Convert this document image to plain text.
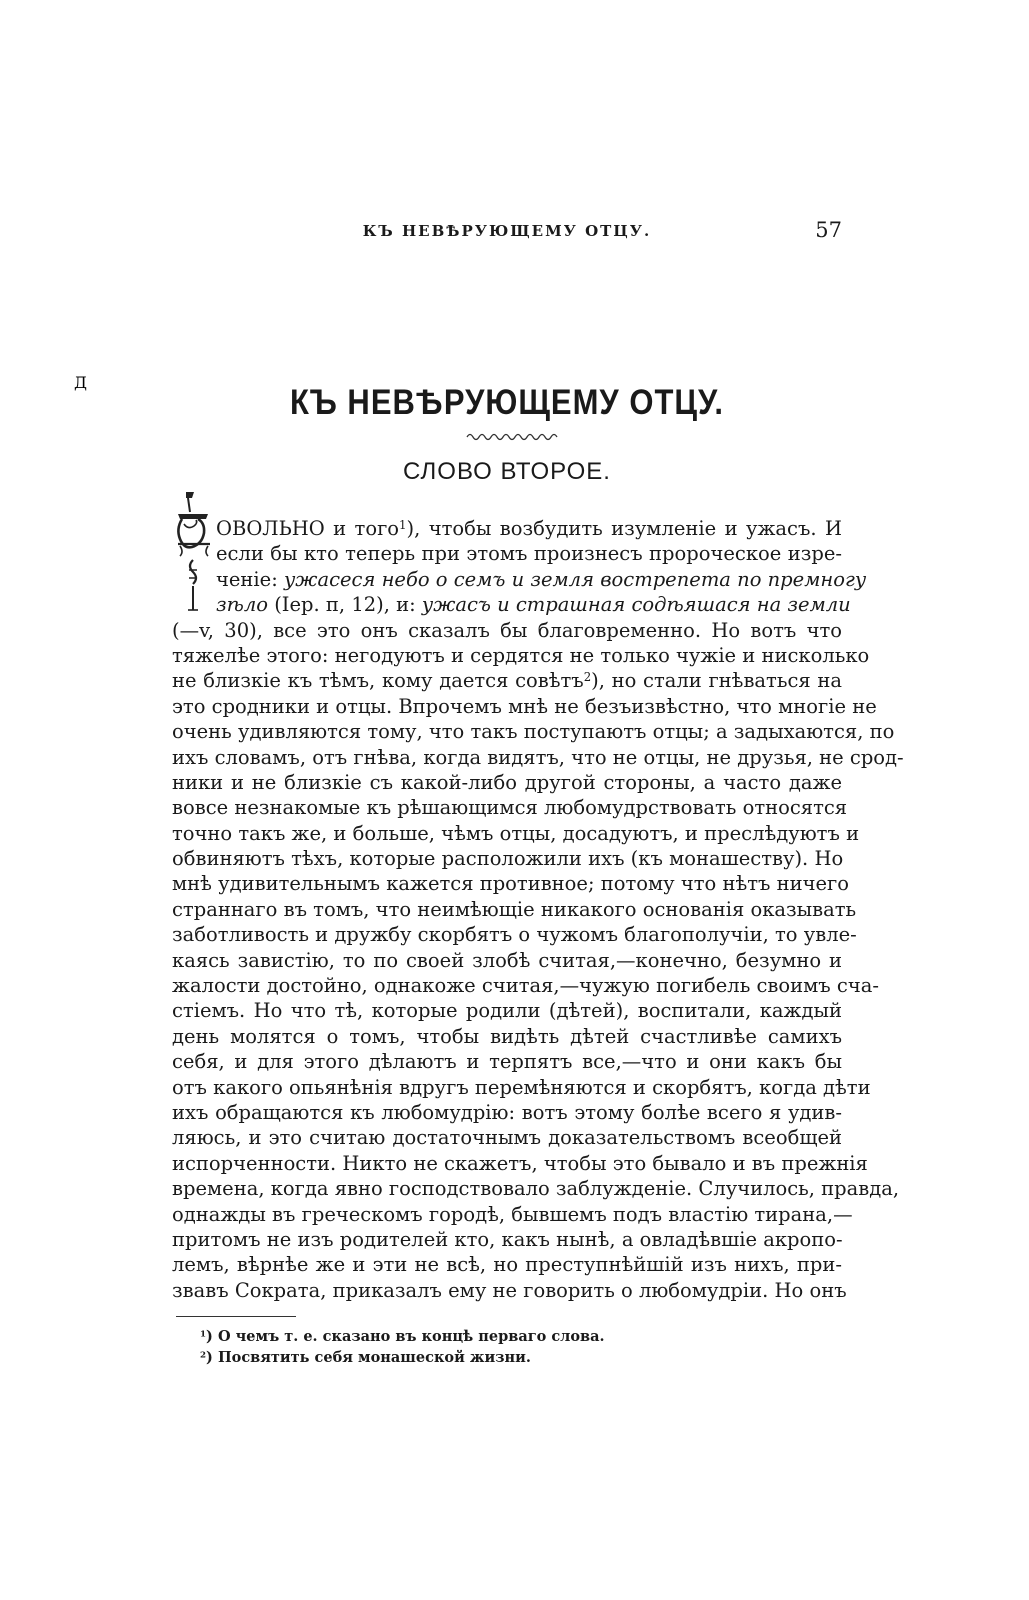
КЪ НЕВѢРУЮЩЕМУ ОТЦУ.	57
КЪ НЕВѢРУЮЩЕМУ ОТЦУ.
СЛОВО ВТОРОЕ.
Д
ОВОЛЬНО и того$^1$), чтобы возбудить изумленіе и ужасъ. И
если бы кто теперь при этомъ произнесъ пророческое изре-
ченіе: ужасеся небо о семъ и земля вострепета по премногу
зѣло (Iер. п, 12), и: ужасъ и страшная содѣяшася на земли
(—v, 30), все это онъ сказалъ бы благовременно. Но вотъ что
тяжелѣе этого: негодуютъ и сердятся не только чужіе и нисколько
не близкіе къ тѣмъ, кому дается совѣтъ$^2$), но стали гнѣваться на
это сродники и отцы. Впрочемъ мнѣ не безъизвѣстно, что многіе не
очень удивляются тому, что такъ поступаютъ отцы; а задыхаются, по
ихъ словамъ, отъ гнѣва, когда видятъ, что не отцы, не друзья, не срод-
ники и не близкіе съ какой-либо другой стороны, а часто даже
вовсе незнакомые къ рѣшающимся любомудрствовать относятся
точно такъ же, и больше, чѣмъ отцы, досадуютъ, и преслѣдуютъ и
обвиняютъ тѣхъ, которые расположили ихъ (къ монашеству). Но
мнѣ удивительнымъ кажется противное; потому что нѣтъ ничего
страннаго въ томъ, что неимѣющіе никакого основанія оказывать
заботливость и дружбу скорбятъ о чужомъ благополучіи, то увле-
каясь завистію, то по своей злобѣ считая,—конечно, безумно и
жалости достойно, однакоже считая,—чужую погибель своимъ сча-
стіемъ. Но что тѣ, которые родили (дѣтей), воспитали, каждый
день молятся о томъ, чтобы видѣть дѣтей счастливѣе самихъ
себя, и для этого дѣлаютъ и терпятъ все,—что и они какъ бы
отъ какого опьянѣнія вдругъ перемѣняются и скорбятъ, когда дѣти
ихъ обращаются къ любомудрію: вотъ этому болѣе всего я удив-
ляюсь, и это считаю достаточнымъ доказательствомъ всеобщей
испорченности. Никто не скажетъ, чтобы это бывало и въ прежнія
времена, когда явно господствовало заблужденіе. Случилось, правда,
однажды въ греческомъ городѣ, бывшемъ подъ властію тирана,—
притомъ не изъ родителей кто, какъ нынѣ, а овладѣвшіе акропо-
лемъ, вѣрнѣе же и эти не всѣ, но преступнѣйшій изъ нихъ, при-
звавъ Сократа, приказалъ ему не говорить о любомудріи. Но онъ
$^1$) О чемъ т. е. сказано въ концѣ перваго слова.
$^2$) Посвятить себя монашеской жизни.
